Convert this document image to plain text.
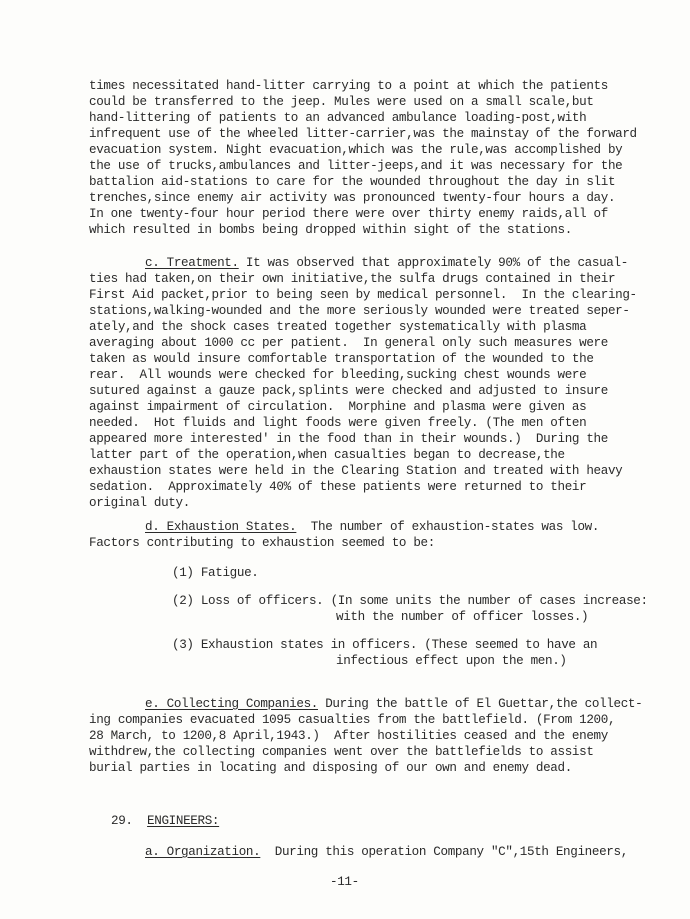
times necessitated hand-litter carrying to a point at which the patients
could be transferred to the jeep. Mules were used on a small scale,but
hand-littering of patients to an advanced ambulance loading-post,with
infrequent use of the wheeled litter-carrier,was the mainstay of the forward
evacuation system. Night evacuation,which was the rule,was accomplished by
the use of trucks,ambulances and litter-jeeps,and it was necessary for the
battalion aid-stations to care for the wounded throughout the day in slit
trenches,since enemy air activity was pronounced twenty-four hours a day.
In one twenty-four hour period there were over thirty enemy raids,all of
which resulted in bombs being dropped within sight of the stations.
c. Treatment. It was observed that approximately 90% of the casual-
ties had taken,on their own initiative,the sulfa drugs contained in their
First Aid packet,prior to being seen by medical personnel.  In the clearing-
stations,walking-wounded and the more seriously wounded were treated seper-
ately,and the shock cases treated together systematically with plasma
averaging about 1000 cc per patient.  In general only such measures were
taken as would insure comfortable transportation of the wounded to the
rear.  All wounds were checked for bleeding,sucking chest wounds were
sutured against a gauze pack,splints were checked and adjusted to insure
against impairment of circulation.  Morphine and plasma were given as
needed.  Hot fluids and light foods were given freely. (The men often
appeared more interested' in the food than in their wounds.)  During the
latter part of the operation,when casualties began to decrease,the
exhaustion states were held in the Clearing Station and treated with heavy
sedation.  Approximately 40% of these patients were returned to their
original duty.
d. Exhaustion States.  The number of exhaustion-states was low.
Factors contributing to exhaustion seemed to be:
(1) Fatigue.
(2) Loss of officers. (In some units the number of cases increase:
with the number of officer losses.)
(3) Exhaustion states in officers. (These seemed to have an
infectious effect upon the men.)
e. Collecting Companies. During the battle of El Guettar,the collect-
ing companies evacuated 1095 casualties from the battlefield. (From 1200,
28 March, to 1200,8 April,1943.)  After hostilities ceased and the enemy
withdrew,the collecting companies went over the battlefields to assist
burial parties in locating and disposing of our own and enemy dead.
29. ENGINEERS:
a. Organization.  During this operation Company "C",15th Engineers,
-11-
